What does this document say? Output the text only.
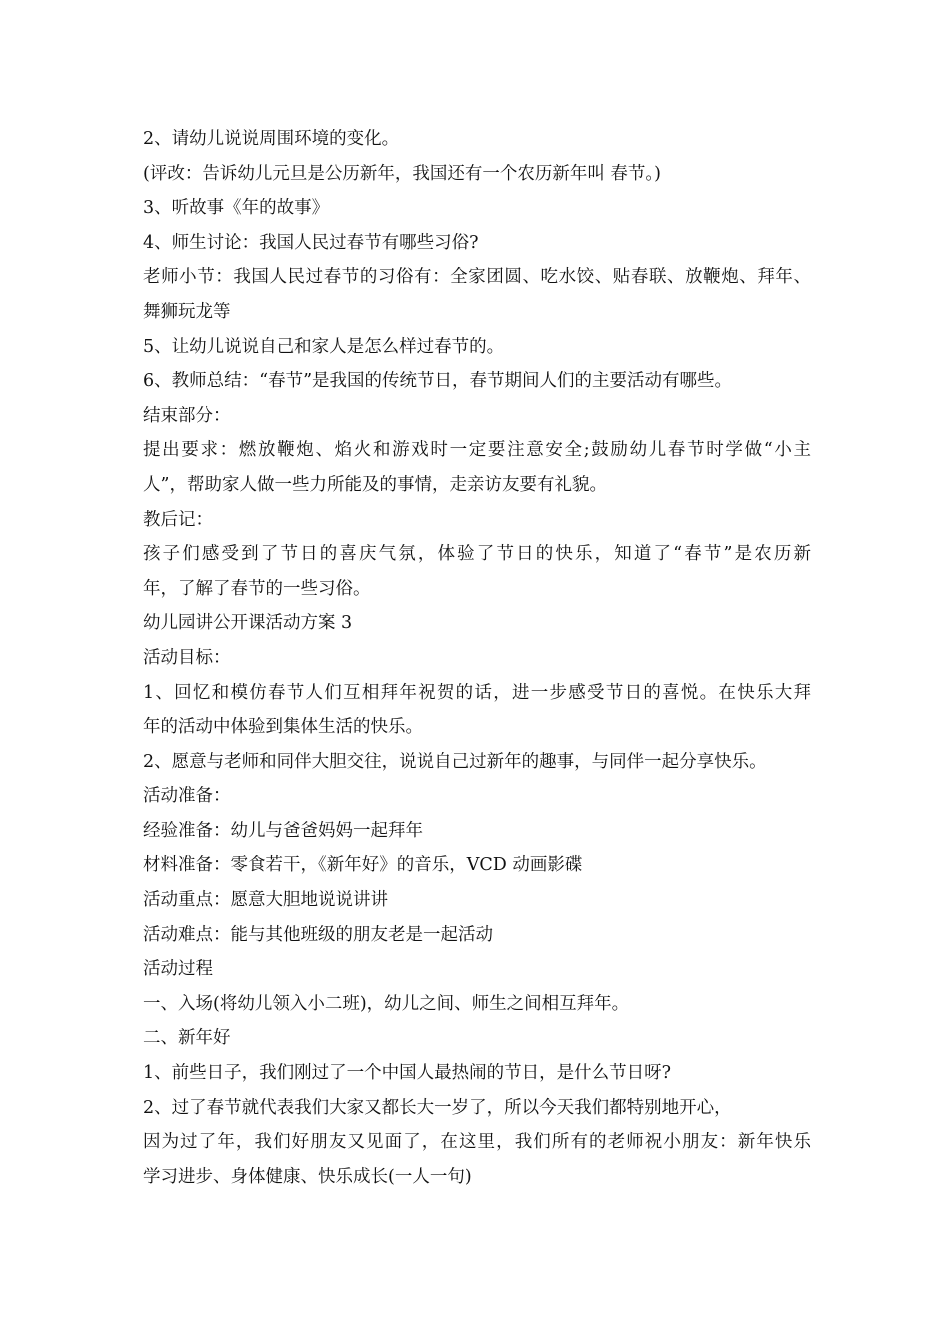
2、请幼儿说说周围环境的变化。
(评改：告诉幼儿元旦是公历新年，我国还有一个农历新年叫 春节。)
3、听故事《年的故事》
4、师生讨论：我国人民过春节有哪些习俗?
老师小节：我国人民过春节的习俗有：全家团圆、吃水饺、贴春联、放鞭炮、拜年、
舞狮玩龙等
5、让幼儿说说自己和家人是怎么样过春节的。
6、教师总结：“春节”是我国的传统节日，春节期间人们的主要活动有哪些。
结束部分：
提出要求：燃放鞭炮、焰火和游戏时一定要注意安全;鼓励幼儿春节时学做“小主
人”，帮助家人做一些力所能及的事情，走亲访友要有礼貌。
教后记：
孩子们感受到了节日的喜庆气氛，体验了节日的快乐，知道了“春节”是农历新
年，了解了春节的一些习俗。
幼儿园讲公开课活动方案 3
活动目标：
1、回忆和模仿春节人们互相拜年祝贺的话，进一步感受节日的喜悦。在快乐大拜
年的活动中体验到集体生活的快乐。
2、愿意与老师和同伴大胆交往，说说自己过新年的趣事，与同伴一起分享快乐。
活动准备：
经验准备：幼儿与爸爸妈妈一起拜年
材料准备：零食若干，《新年好》的音乐，VCD 动画影碟
活动重点：愿意大胆地说说讲讲
活动难点：能与其他班级的朋友老是一起活动
活动过程
一、入场(将幼儿领入小二班)，幼儿之间、师生之间相互拜年。
二、新年好
1、前些日子，我们刚过了一个中国人最热闹的节日，是什么节日呀?
2、过了春节就代表我们大家又都长大一岁了，所以今天我们都特别地开心，
因为过了年，我们好朋友又见面了，在这里，我们所有的老师祝小朋友：新年快乐
学习进步、身体健康、快乐成长(一人一句)
